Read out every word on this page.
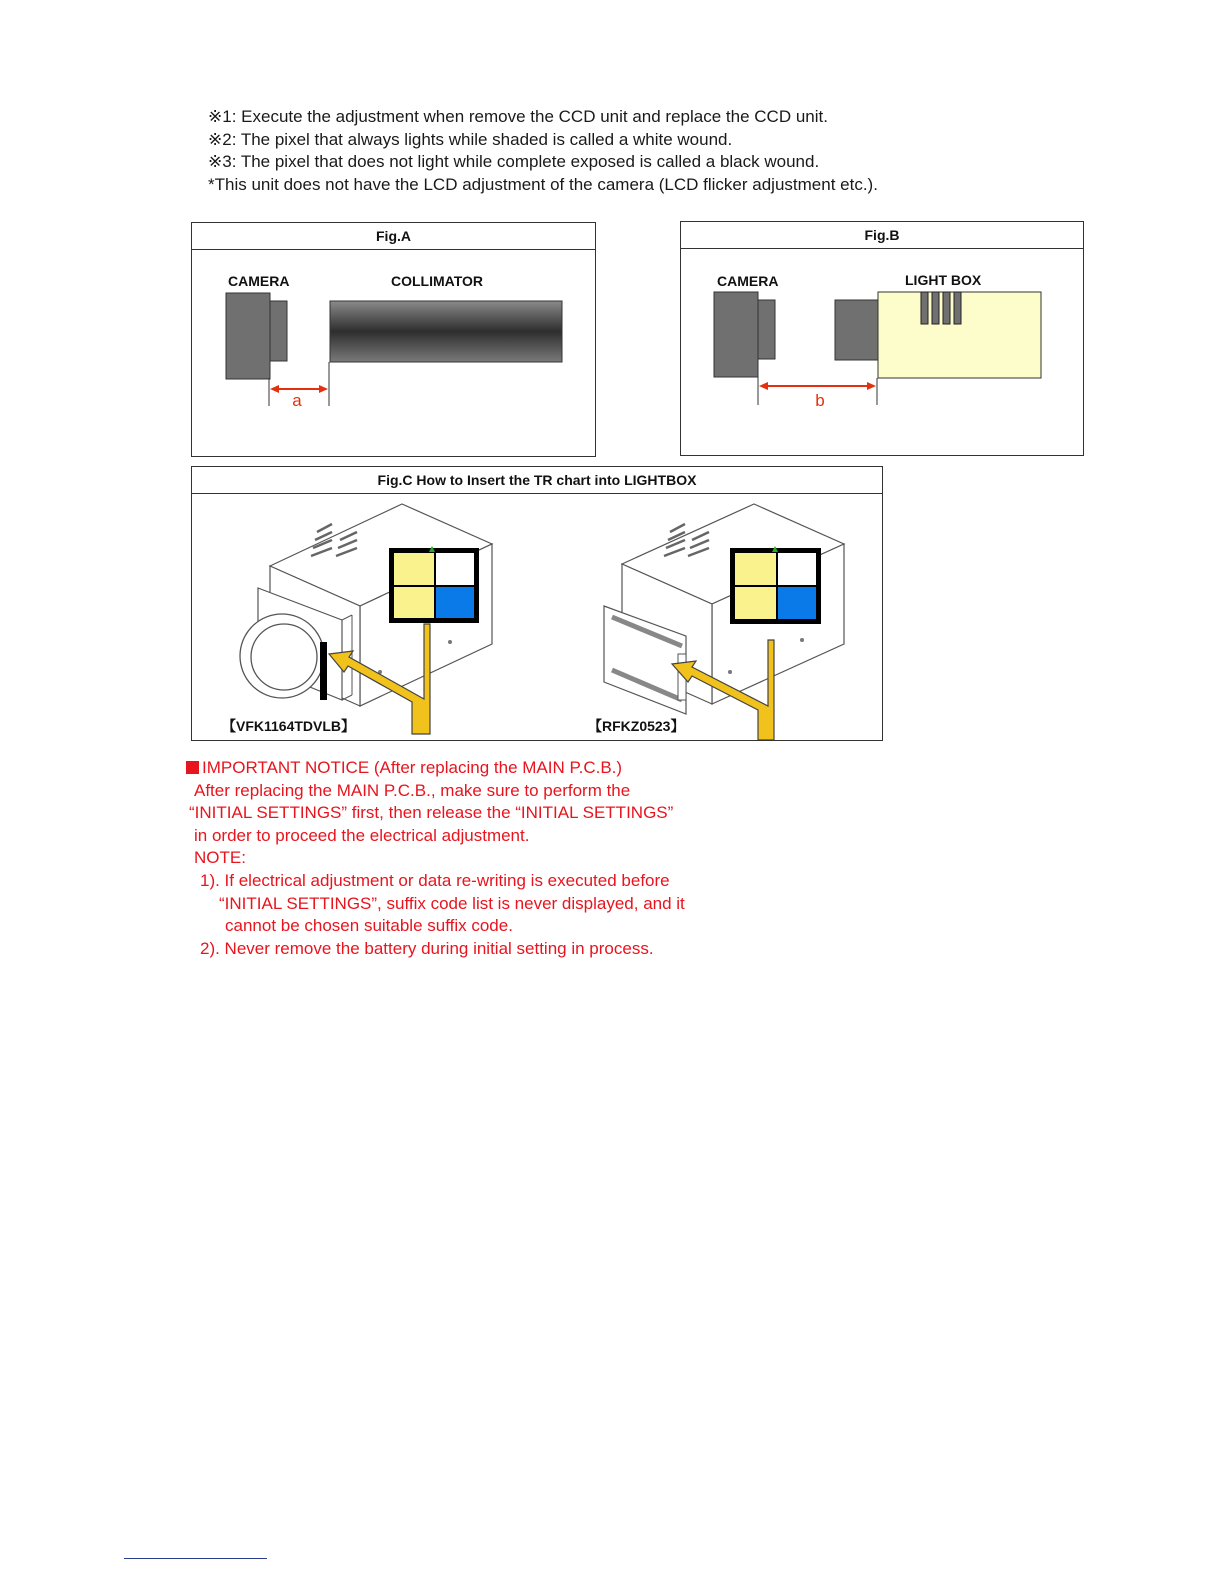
※1: Execute the adjustment when remove the CCD unit and replace the CCD unit.
※2: The pixel that always lights while shaded is called a white wound.
※3: The pixel that does not light while complete exposed is called a black wound.
*This unit does not have the LCD adjustment of the camera (LCD flicker adjustment etc.).
Fig.A
CAMERA	COLLIMATOR
a
Fig.B
CAMERA	LIGHT BOX
b
Fig.C How to Insert the TR chart into LIGHTBOX
【VFK1164TDVLB】	【RFKZ0523】
IMPORTANT NOTICE (After replacing the MAIN P.C.B.)
After replacing the MAIN P.C.B., make sure to perform the
“INITIAL SETTINGS” first, then release the “INITIAL SETTINGS”
in order to proceed the electrical adjustment.
NOTE:
1). If electrical adjustment or data re-writing is executed before
“INITIAL SETTINGS”, suffix code list is never displayed, and it
cannot be chosen suitable suffix code.
2). Never remove the battery during initial setting in process.
